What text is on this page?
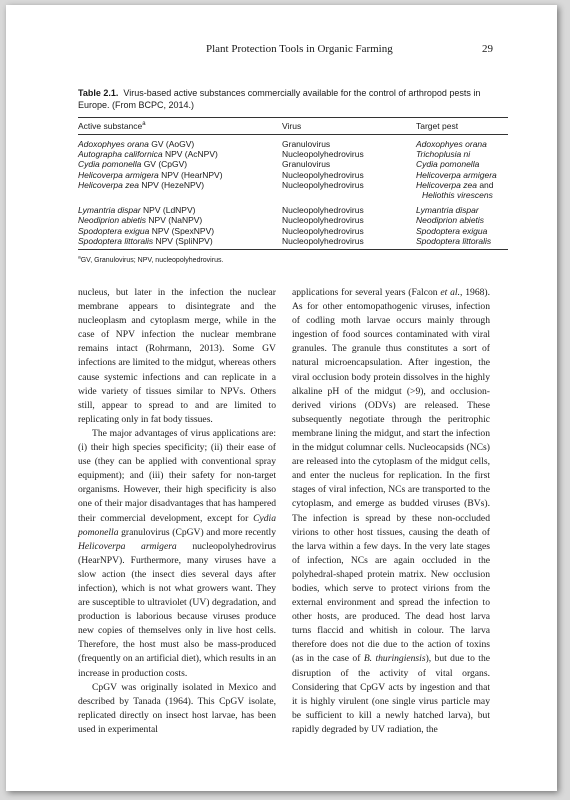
Plant Protection Tools in Organic Farming	29
Table 2.1. Virus-based active substances commercially available for the control of arthropod pests in Europe. (From BCPC, 2014.)
Active substance$^a$	Virus	Target pest
Adoxophyes orana GV (AoGV)	Granulovirus	Adoxophyes orana
Autographa californica NPV (AcNPV)	Nucleopolyhedrovirus	Trichoplusia ni
Cydia pomonella GV (CpGV)	Granulovirus	Cydia pomonella
Helicoverpa armigera NPV (HearNPV)	Nucleopolyhedrovirus	Helicoverpa armigera
Helicoverpa zea NPV (HezeNPV)	Nucleopolyhedrovirus	Helicoverpa zea and
Heliothis virescens
Lymantria dispar NPV (LdNPV)	Nucleopolyhedrovirus	Lymantria dispar
Neodiprion abietis NPV (NaNPV)	Nucleopolyhedrovirus	Neodiprion abietis
Spodoptera exigua NPV (SpexNPV)	Nucleopolyhedrovirus	Spodoptera exigua
Spodoptera littoralis NPV (SpliNPV)	Nucleopolyhedrovirus	Spodoptera littoralis
$^a$GV, Granulovirus; NPV, nucleopolyhedrovirus.

nucleus, but later in the infection the nuclear membrane appears to disintegrate and the nucleoplasm and cytoplasm merge, while in the case of NPV infection the nuclear membrane remains intact (Rohrmann, 2013). Some GV infections are limited to the midgut, whereas others cause systemic infections and can replicate in a wide variety of tissues similar to NPVs. Others still, appear to spread to and are limited to replicating only in fat body tissues.

The major advantages of virus applications are: (i) their high species specificity; (ii) their ease of use (they can be applied with conventional spray equipment); and (iii) their safety for non-target organisms. However, their high specificity is also one of their major disadvantages that has hampered their commercial development, except for Cydia pomonella granulovirus (CpGV) and more recently Helicoverpa armigera nucleopolyhedrovirus (HearNPV). Furthermore, many viruses have a slow action (the insect dies several days after infection), which is not what growers want. They are susceptible to ultraviolet (UV) degradation, and production is laborious because viruses produce new copies of themselves only in live host cells. Therefore, the host must also be mass-produced (frequently on an artificial diet), which results in an increase in production costs.

CpGV was originally isolated in Mexico and described by Tanada (1964). This CpGV isolate, replicated directly on insect host larvae, has been used in experimental

applications for several years (Falcon et al., 1968). As for other entomopathogenic viruses, infection of codling moth larvae occurs mainly through ingestion of food sources contaminated with viral granules. The granule thus constitutes a sort of natural microencapsulation. After ingestion, the viral occlusion body protein dissolves in the highly alkaline pH of the midgut (>9), and occlusion-derived virions (ODVs) are released. These subsequently negotiate through the peritrophic membrane lining the midgut, and start the infection in the midgut columnar cells. Nucleocapsids (NCs) are released into the cytoplasm of the midgut cells, and enter the nucleus for replication. In the first stages of viral infection, NCs are transported to the cytoplasm, and emerge as budded viruses (BVs). The infection is spread by these non-occluded virions to other host tissues, causing the death of the larva within a few days. In the very late stages of infection, NCs are again occluded in the polyhedral-shaped protein matrix. New occlusion bodies, which serve to protect virions from the external environment and spread the infection to other hosts, are produced. The dead host larva turns flaccid and whitish in colour. The larva therefore does not die due to the action of toxins (as in the case of B. thuringiensis), but due to the disruption of the activity of vital organs. Considering that CpGV acts by ingestion and that it is highly virulent (one single virus particle may be sufficient to kill a newly hatched larva), but rapidly degraded by UV radiation, the
